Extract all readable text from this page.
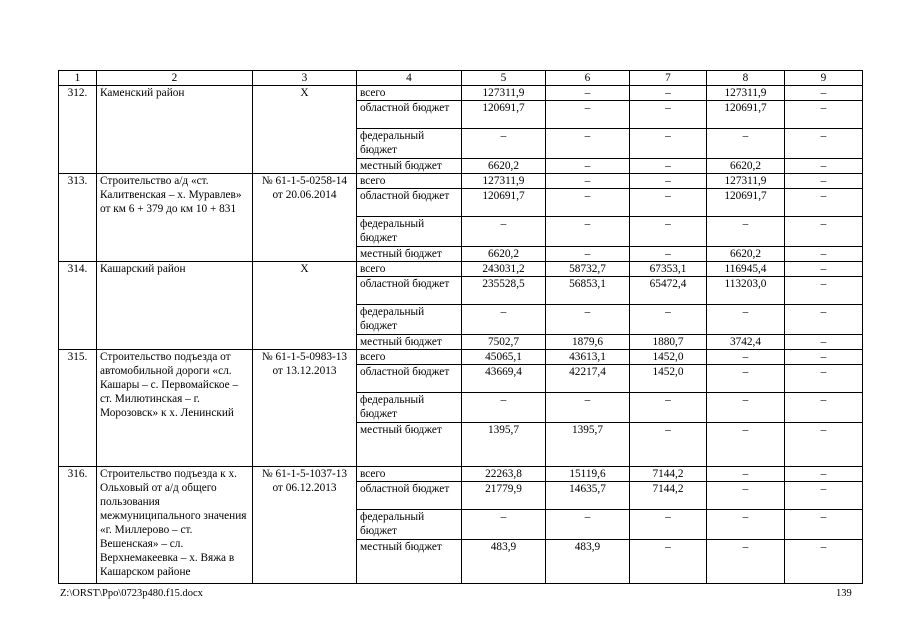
1	2	3	4	5	6	7	8	9
312.	Каменский район	Х	всего	127311,9	–	–	127311,9	–
			областной бюджет	120691,7	–	–	120691,7	–
			федеральный бюджет	–	–	–	–	–
			местный бюджет	6620,2	–	–	6620,2	–
313.	Строительство а/д «ст. Калитвенская – х. Муравлев» от км 6 + 379 до км 10 + 831	№ 61-1-5-0258-14 от 20.06.2014	всего	127311,9	–	–	127311,9	–
			областной бюджет	120691,7	–	–	120691,7	–
			федеральный бюджет	–	–	–	–	–
			местный бюджет	6620,2	–	–	6620,2	–
314.	Кашарский район	Х	всего	243031,2	58732,7	67353,1	116945,4	–
			областной бюджет	235528,5	56853,1	65472,4	113203,0	–
			федеральный бюджет	–	–	–	–	–
			местный бюджет	7502,7	1879,6	1880,7	3742,4	–
315.	Строительство подъезда от автомобильной дороги «сл. Кашары – с. Первомайское – ст. Милютинская – г. Морозовск» к х. Ленинский	№ 61-1-5-0983-13 от 13.12.2013	всего	45065,1	43613,1	1452,0	–	–
			областной бюджет	43669,4	42217,4	1452,0	–	–
			федеральный бюджет	–	–	–	–	–
			местный бюджет	1395,7	1395,7	–	–	–
316.	Строительство подъезда к х. Ольховый от а/д общего пользования межмуниципального значения «г. Миллерово – ст. Вешенская» – сл. Верхнемакеевка – х. Вяжа в Кашарском районе	№ 61-1-5-1037-13 от 06.12.2013	всего	22263,8	15119,6	7144,2	–	–
			областной бюджет	21779,9	14635,7	7144,2	–	–
			федеральный бюджет	–	–	–	–	–
			местный бюджет	483,9	483,9	–	–	–
Z:\ORST\Ppo\0723p480.f15.docx	139
